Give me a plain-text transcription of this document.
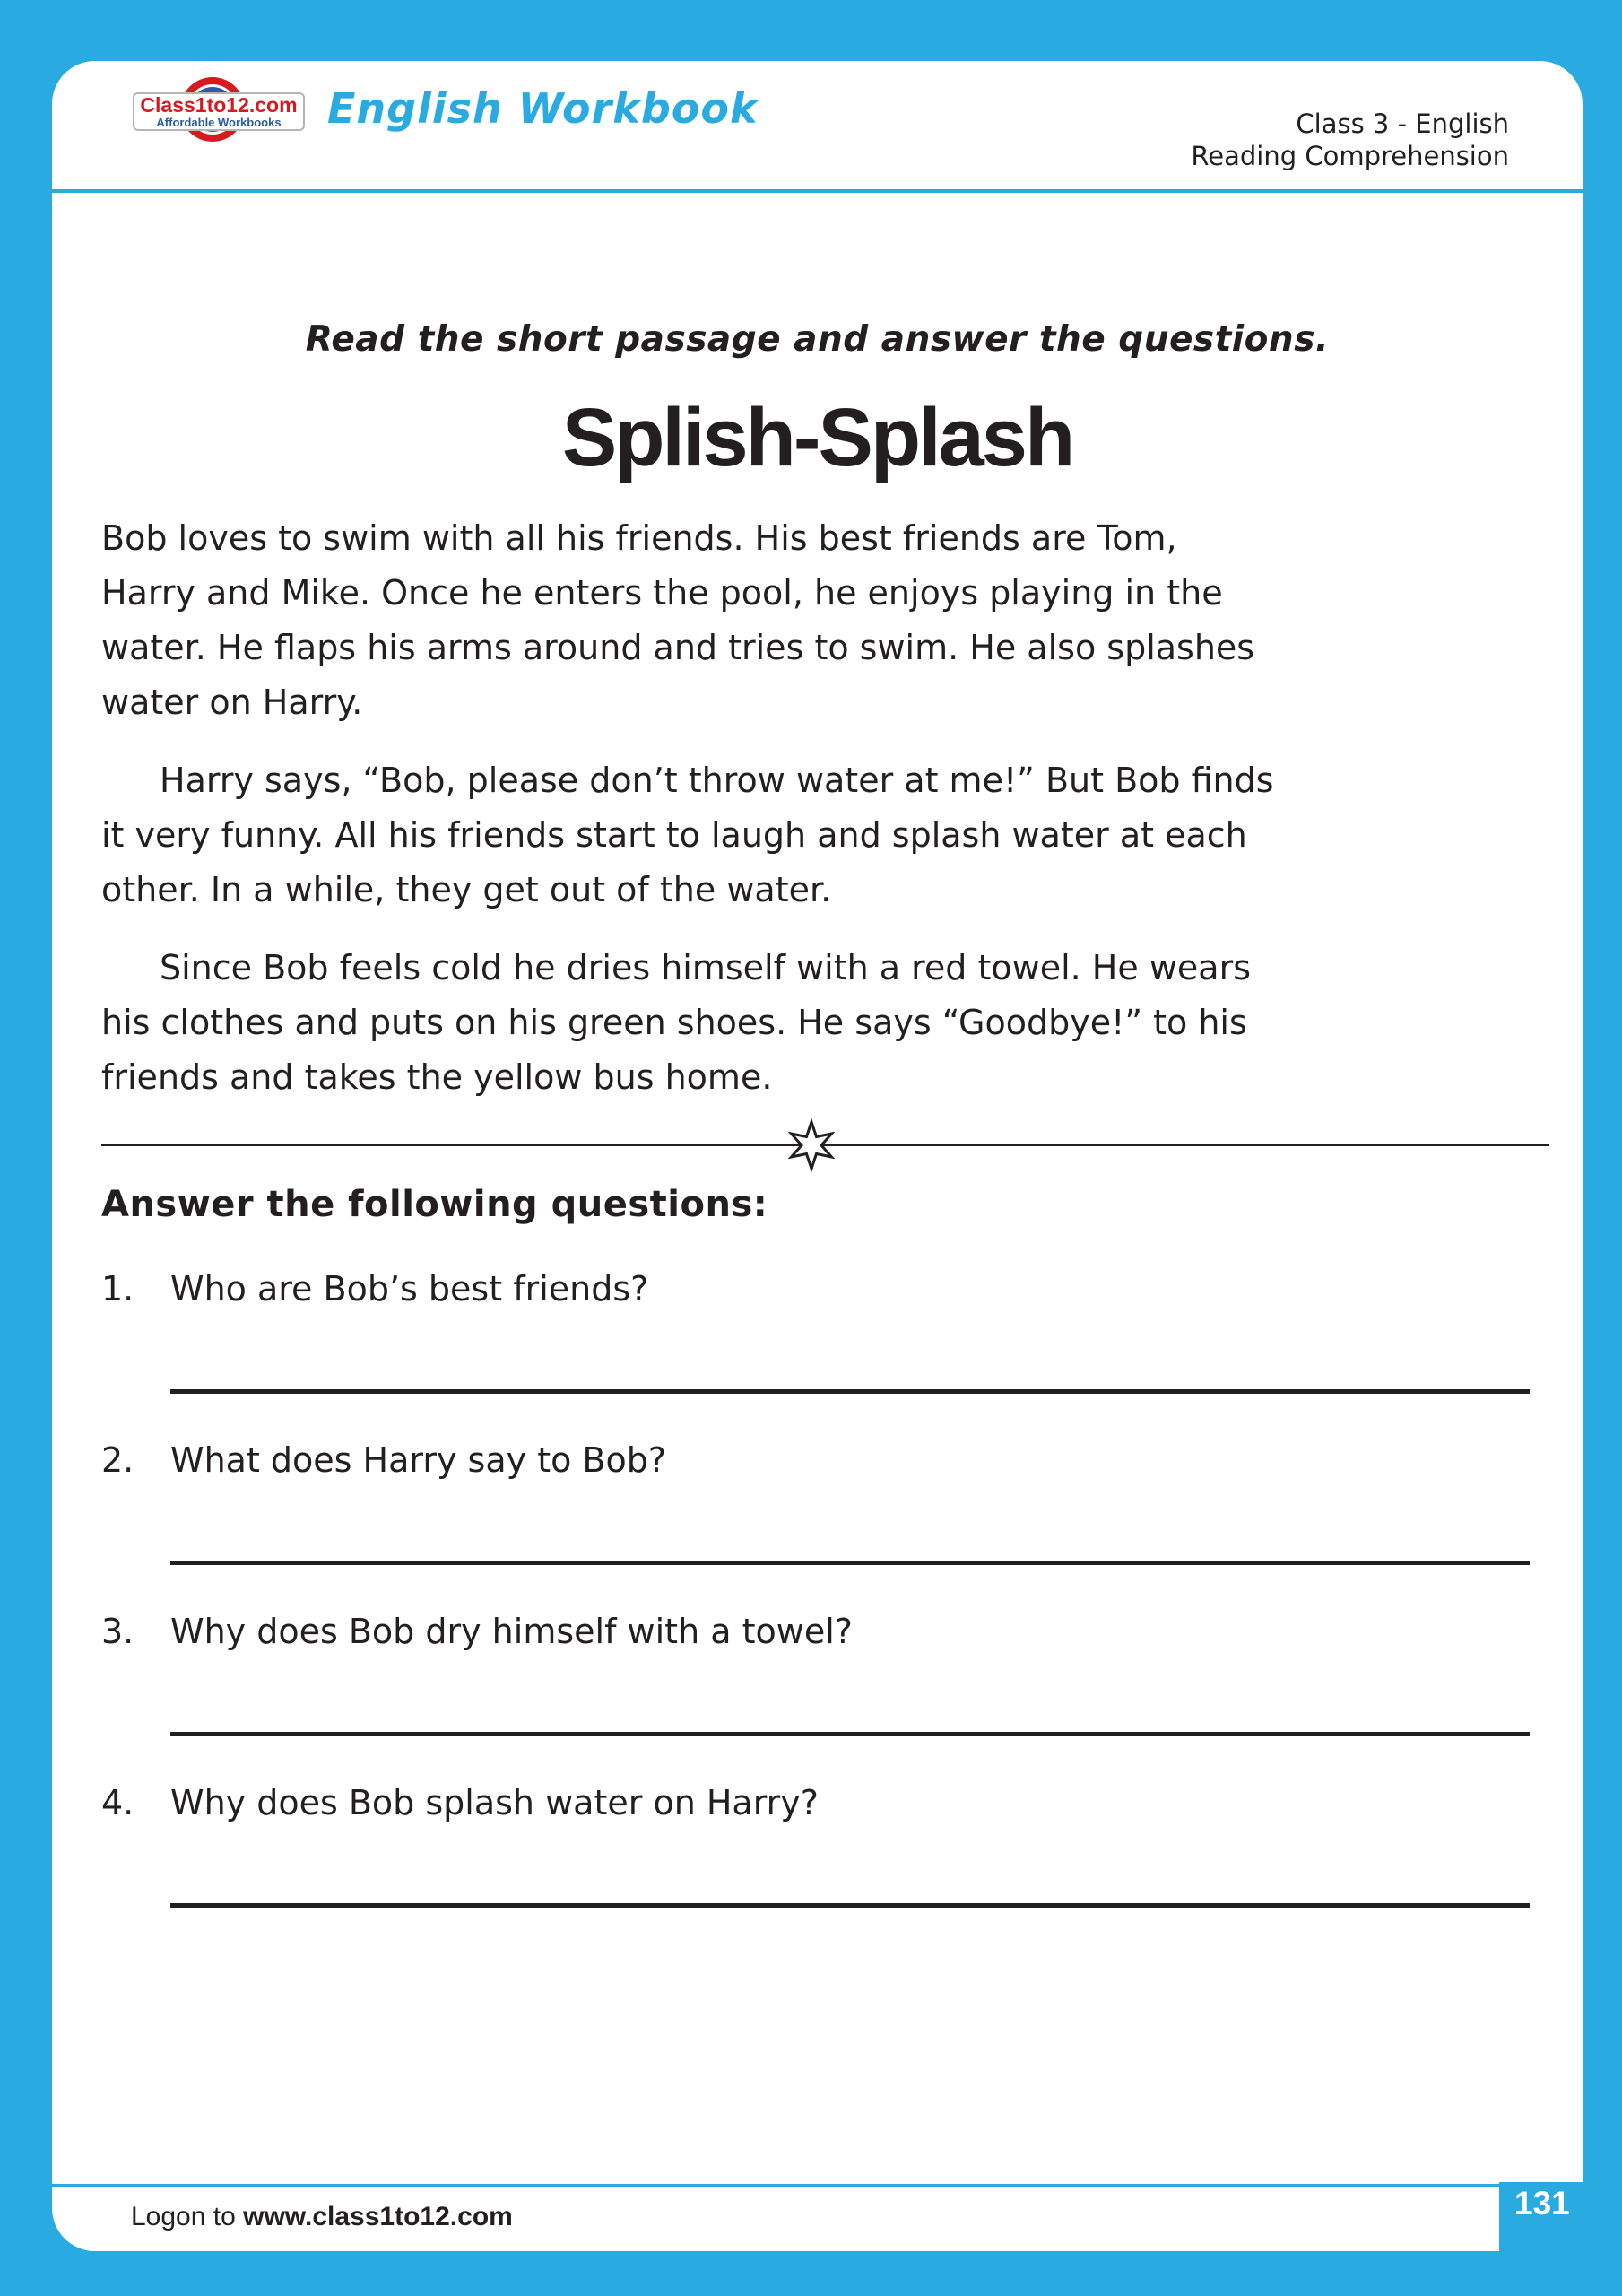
Class1to12.com
Affordable Workbooks	English Workbook	Class 3 - English
Reading Comprehension
Read the short passage and answer the questions.
Splish-Splash
Bob loves to swim with all his friends. His best friends are Tom,
Harry and Mike. Once he enters the pool, he enjoys playing in the
water. He flaps his arms around and tries to swim. He also splashes
water on Harry.
Harry says, “Bob, please don’t throw water at me!” But Bob finds
it very funny. All his friends start to laugh and splash water at each
other. In a while, they get out of the water.
Since Bob feels cold he dries himself with a red towel. He wears
his clothes and puts on his green shoes. He says “Goodbye!” to his
friends and takes the yellow bus home.
Answer the following questions:
1. Who are Bob’s best friends?
2. What does Harry say to Bob?
3. Why does Bob dry himself with a towel?
4. Why does Bob splash water on Harry?
Logon to www.class1to12.com	131
